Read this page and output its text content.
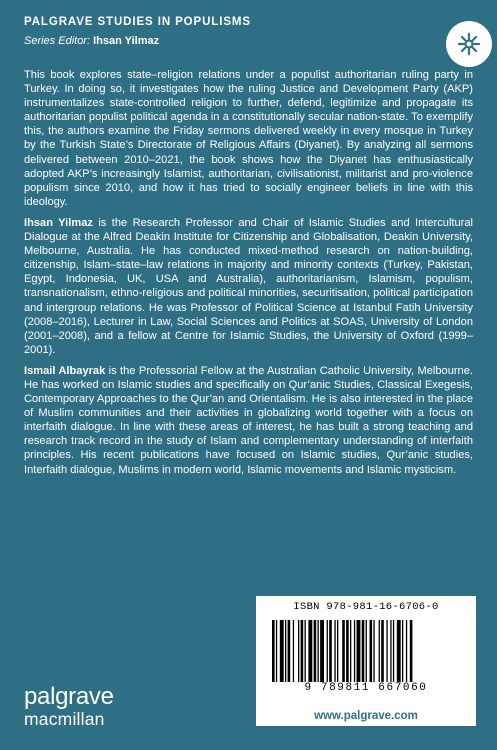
PALGRAVE STUDIES IN POPULISMS
Series Editor: Ihsan Yilmaz

This book explores state–religion relations under a populist authoritarian ruling party in Turkey. In doing so, it investigates how the ruling Justice and Development Party (AKP) instrumentalizes state-controlled religion to further, defend, legitimize and propagate its authoritarian populist political agenda in a constitutionally secular nation-state. To exemplify this, the authors examine the Friday sermons delivered weekly in every mosque in Turkey by the Turkish State’s Directorate of Religious Affairs (Diyanet). By analyzing all sermons delivered between 2010–2021, the book shows how the Diyanet has enthusiastically adopted AKP’s increasingly Islamist, authoritarian, civilisationist, militarist and pro-violence populism since 2010, and how it has tried to socially engineer beliefs in line with this ideology.

Ihsan Yilmaz is the Research Professor and Chair of Islamic Studies and Intercultural Dialogue at the Alfred Deakin Institute for Citizenship and Globalisation, Deakin University, Melbourne, Australia. He has conducted mixed-method research on nation-building, citizenship, Islam–state–law relations in majority and minority contexts (Turkey, Pakistan, Egypt, Indonesia, UK, USA and Australia), authoritarianism, Islamism, populism, transnationalism, ethno-religious and political minorities, securitisation, political participation and intergroup relations. He was Professor of Political Science at Istanbul Fatih University (2008–2016), Lecturer in Law, Social Sciences and Politics at SOAS, University of London (2001–2008), and a fellow at Centre for Islamic Studies, the University of Oxford (1999–2001).

Ismail Albayrak is the Professorial Fellow at the Australian Catholic University, Melbourne. He has worked on Islamic studies and specifically on Qur’anic Studies, Classical Exegesis, Contemporary Approaches to the Qur’an and Orientalism. He is also interested in the place of Muslim communities and their activities in globalizing world together with a focus on interfaith dialogue. In line with these areas of interest, he has built a strong teaching and research track record in the study of Islam and complementary understanding of interfaith principles. His recent publications have focused on Islamic studies, Qur’anic studies, Interfaith dialogue, Muslims in modern world, Islamic movements and Islamic mysticism.

ISBN 978-981-16-6706-0
9 789811 667060
www.palgrave.com
palgrave
macmillan
